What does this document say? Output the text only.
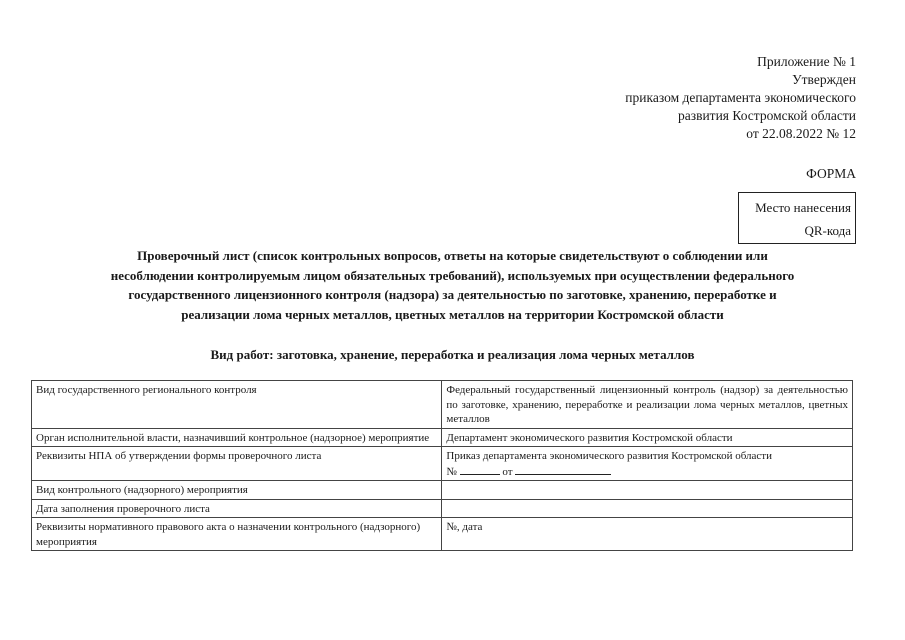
Приложение № 1
Утвержден
приказом департамента экономического
развития Костромской области
от 22.08.2022 № 12
ФОРМА
Место нанесения
QR-кода
Проверочный лист (список контрольных вопросов, ответы на которые свидетельствуют о соблюдении или
несоблюдении контролируемым лицом обязательных требований), используемых при осуществлении федерального
государственного лицензионного контроля (надзора) за деятельностью по заготовке, хранению, переработке и
реализации лома черных металлов, цветных металлов на территории Костромской области
Вид работ: заготовка, хранение, переработка и реализация лома черных металлов
Вид государственного регионального контроля	Федеральный государственный лицензионный контроль (надзор) за деятельностью по заготовке, хранению, переработке и реализации лома черных металлов, цветных металлов
Орган исполнительной власти, назначивший контрольное (надзорное) мероприятие	Департамент экономического развития Костромской области
Реквизиты НПА об утверждении формы проверочного листа	Приказ департамента экономического развития Костромской области
№ от

Вид контрольного (надзорного) мероприятия	
Дата заполнения проверочного листа	
Реквизиты нормативного правового акта о назначении контрольного (надзорного) мероприятия	№, дата
